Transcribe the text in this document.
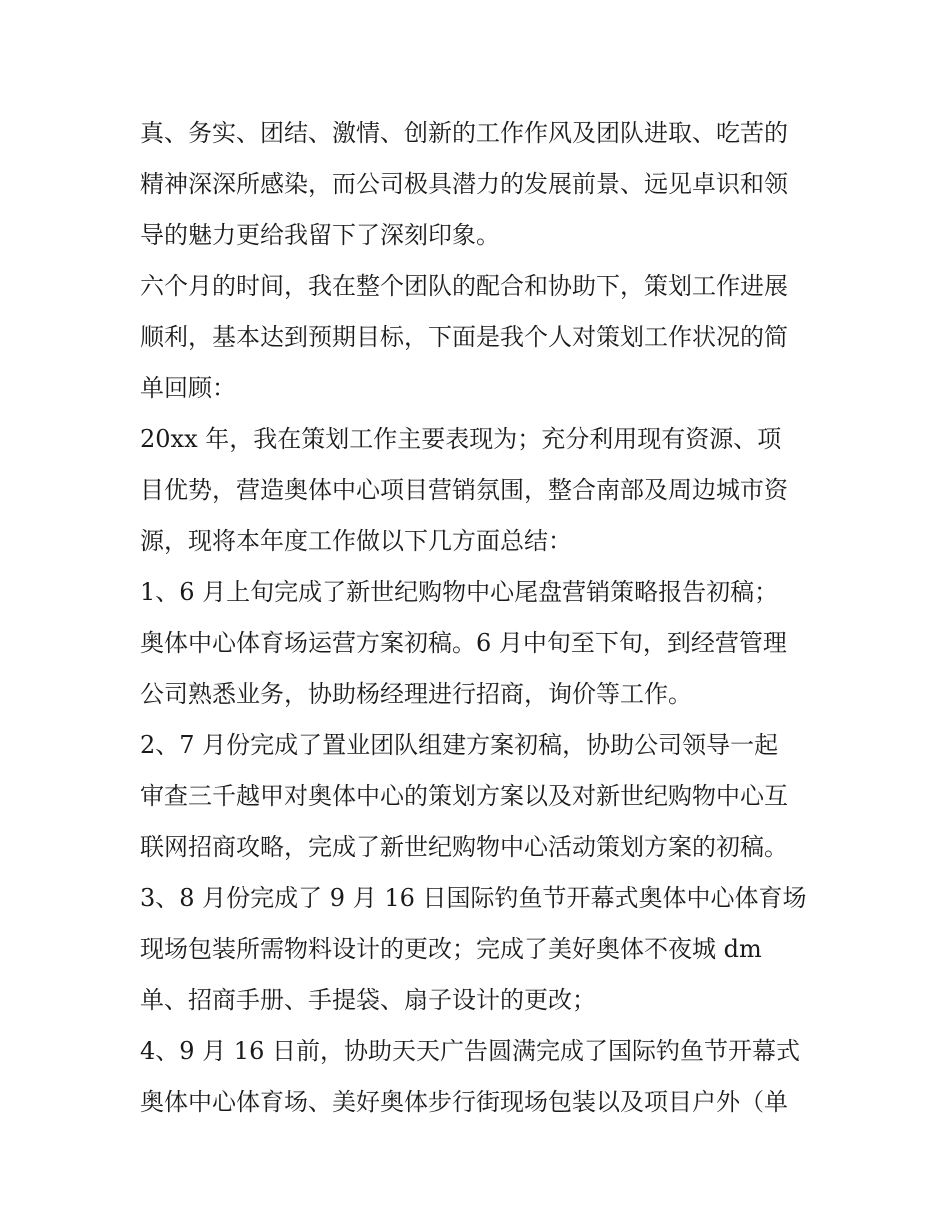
真、务实、团结、激情、创新的工作作风及团队进取、吃苦的
精神深深所感染，而公司极具潜力的发展前景、远见卓识和领
导的魅力更给我留下了深刻印象。
六个月的时间，我在整个团队的配合和协助下，策划工作进展
顺利，基本达到预期目标，下面是我个人对策划工作状况的简
单回顾：
20xx 年，我在策划工作主要表现为；充分利用现有资源、项
目优势，营造奥体中心项目营销氛围，整合南部及周边城市资
源，现将本年度工作做以下几方面总结：
1、6 月上旬完成了新世纪购物中心尾盘营销策略报告初稿；
奥体中心体育场运营方案初稿。6 月中旬至下旬，到经营管理
公司熟悉业务，协助杨经理进行招商，询价等工作。
2、7 月份完成了置业团队组建方案初稿，协助公司领导一起
审查三千越甲对奥体中心的策划方案以及对新世纪购物中心互
联网招商攻略，完成了新世纪购物中心活动策划方案的初稿。
3、8 月份完成了 9 月 16 日国际钓鱼节开幕式奥体中心体育场
现场包装所需物料设计的更改；完成了美好奥体不夜城 dm
单、招商手册、手提袋、扇子设计的更改；
4、9 月 16 日前，协助天天广告圆满完成了国际钓鱼节开幕式
奥体中心体育场、美好奥体步行街现场包装以及项目户外（单
